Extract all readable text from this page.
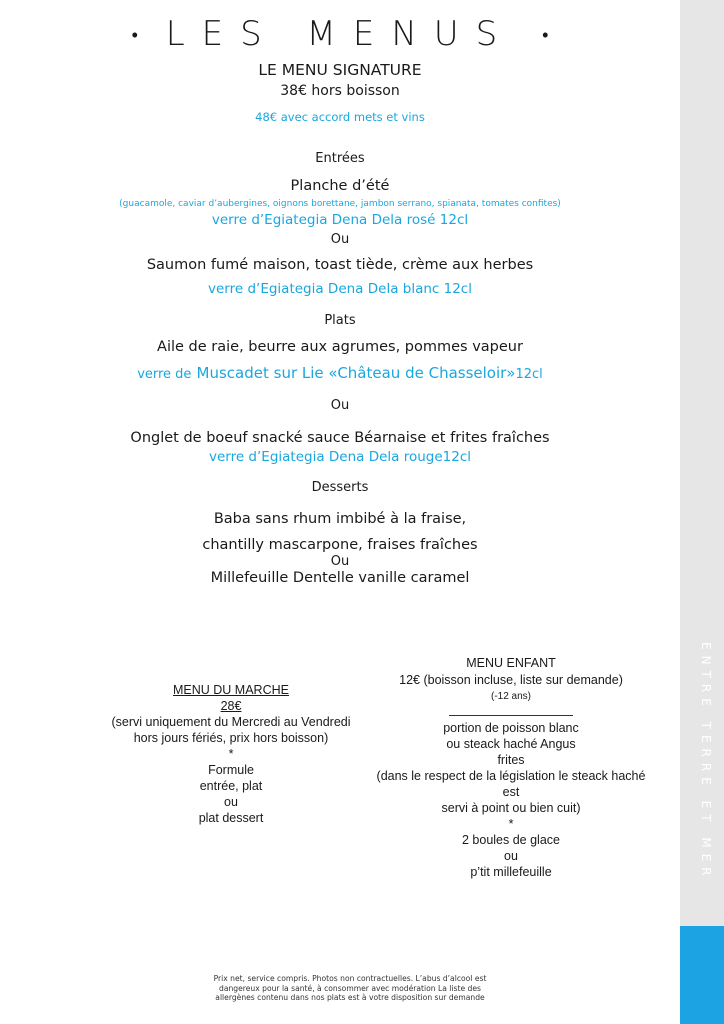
ENTRE TERRE ET MER
• LES MENUS •
LE MENU SIGNATURE
38€ hors boisson
48€ avec accord mets et vins
Entrées
Planche d’été
(guacamole, caviar d’aubergines, oignons borettane, jambon serrano, spianata, tomates confites)
verre d’Egiategia Dena Dela rosé 12cl
Ou
Saumon fumé maison, toast tiède, crème aux herbes
verre d’Egiategia Dena Dela blanc 12cl
Plats
Aile de raie, beurre aux agrumes, pommes vapeur
verre de Muscadet sur Lie «Château de Chasseloir»12cl
Ou
Onglet de boeuf snacké sauce Béarnaise et frites fraîches
verre d’Egiategia Dena Dela rouge12cl
Desserts
Baba sans rhum imbibé à la fraise,
chantilly mascarpone, fraises fraîches
Ou
Millefeuille Dentelle vanille caramel
MENU DU MARCHE
28€
(servi uniquement du Mercredi au Vendredi
hors jours fériés, prix hors boisson)
*
Formule
entrée, plat
ou
plat dessert
MENU ENFANT
12€ (boisson incluse, liste sur demande)
(-12 ans)
portion de poisson blanc
ou steack haché Angus
frites
(dans le respect de la législation le steack haché
est
servi à point ou bien cuit)
*
2 boules de glace
ou
p’tit millefeuille
Prix net, service compris. Photos non contractuelles. L’abus d’alcool est
dangereux pour la santé, à consommer avec modération La liste des
allergènes contenu dans nos plats est à votre disposition sur demande
